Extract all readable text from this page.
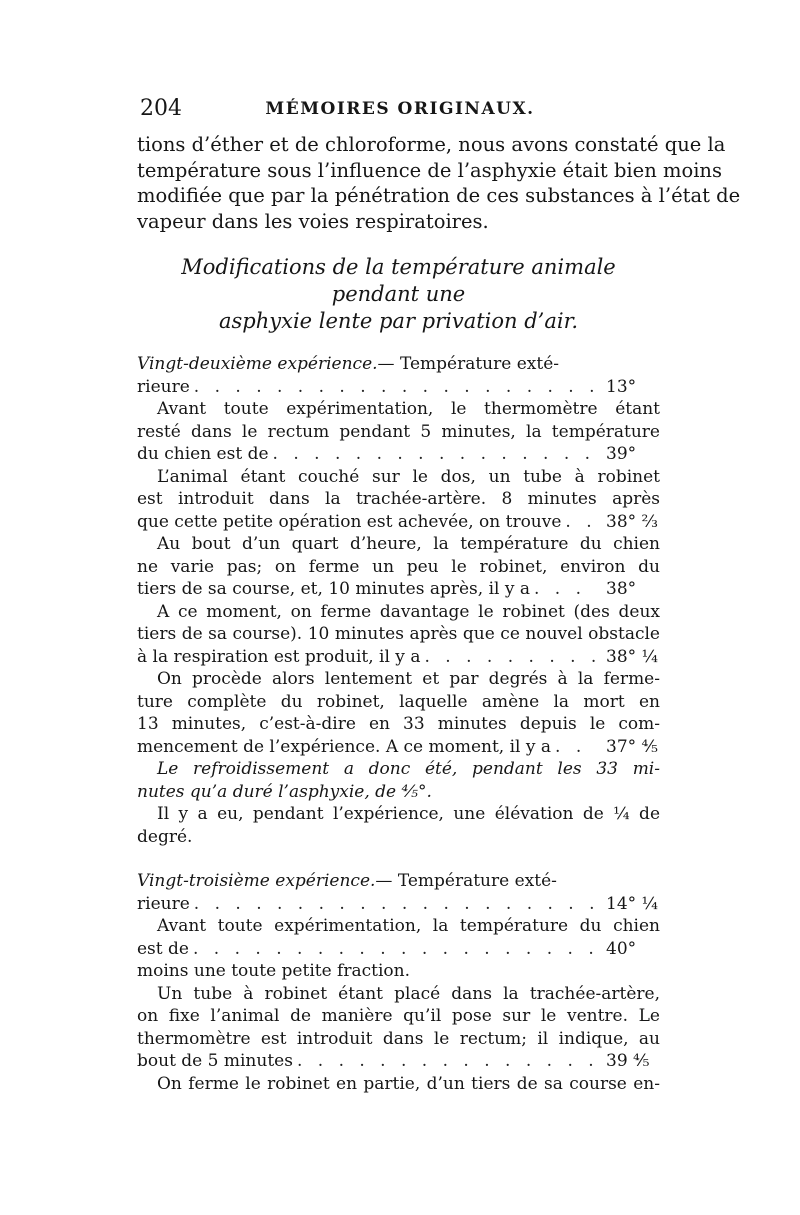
204	MÉMOIRES ORIGINAUX.

tions d’éther et de chloroforme, nous avons constaté que la
température sous l’influence de l’asphyxie était bien moins
modifiée que par la pénétration de ces substances à l’état de
vapeur dans les voies respiratoires.

Modifications de la température animale pendant une
asphyxie lente par privation d’air.
Vingt-deuxième expérience. — Température exté-
rieure . . .	13°
Avant toute expérimentation, le thermomètre étant
resté dans le rectum pendant 5 minutes, la température
du chien est de . . .	39°
L’animal étant couché sur le dos, un tube à robinet
est introduit dans la trachée-artère. 8 minutes après
que cette petite opération est achevée, on trouve . . .	38° ⅔
Au bout d’un quart d’heure, la température du chien
ne varie pas; on ferme un peu le robinet, environ du
tiers de sa course, et, 10 minutes après, il y a . . .	38°
A ce moment, on ferme davantage le robinet (des deux
tiers de sa course). 10 minutes après que ce nouvel obstacle
à la respiration est produit, il y a . . .	38° ¼
On procède alors lentement et par degrés à la ferme-
ture complète du robinet, laquelle amène la mort en
13 minutes, c’est-à-dire en 33 minutes depuis le com-
mencement de l’expérience. A ce moment, il y a . . .	37° ⅘
Le refroidissement a donc été, pendant les 33 mi-
nutes qu’a duré l’asphyxie, de ⅘°.
Il y a eu, pendant l’expérience, une élévation de ¼ de
degré.
Vingt-troisième expérience. — Température exté-
rieure . . .	14° ¼
Avant toute expérimentation, la température du chien
est de . . .	40°
moins une toute petite fraction.
Un tube à robinet étant placé dans la trachée-artère,
on fixe l’animal de manière qu’il pose sur le ventre. Le
thermomètre est introduit dans le rectum; il indique, au
bout de 5 minutes . . .	39 ⅘
On ferme le robinet en partie, d’un tiers de sa course en-
